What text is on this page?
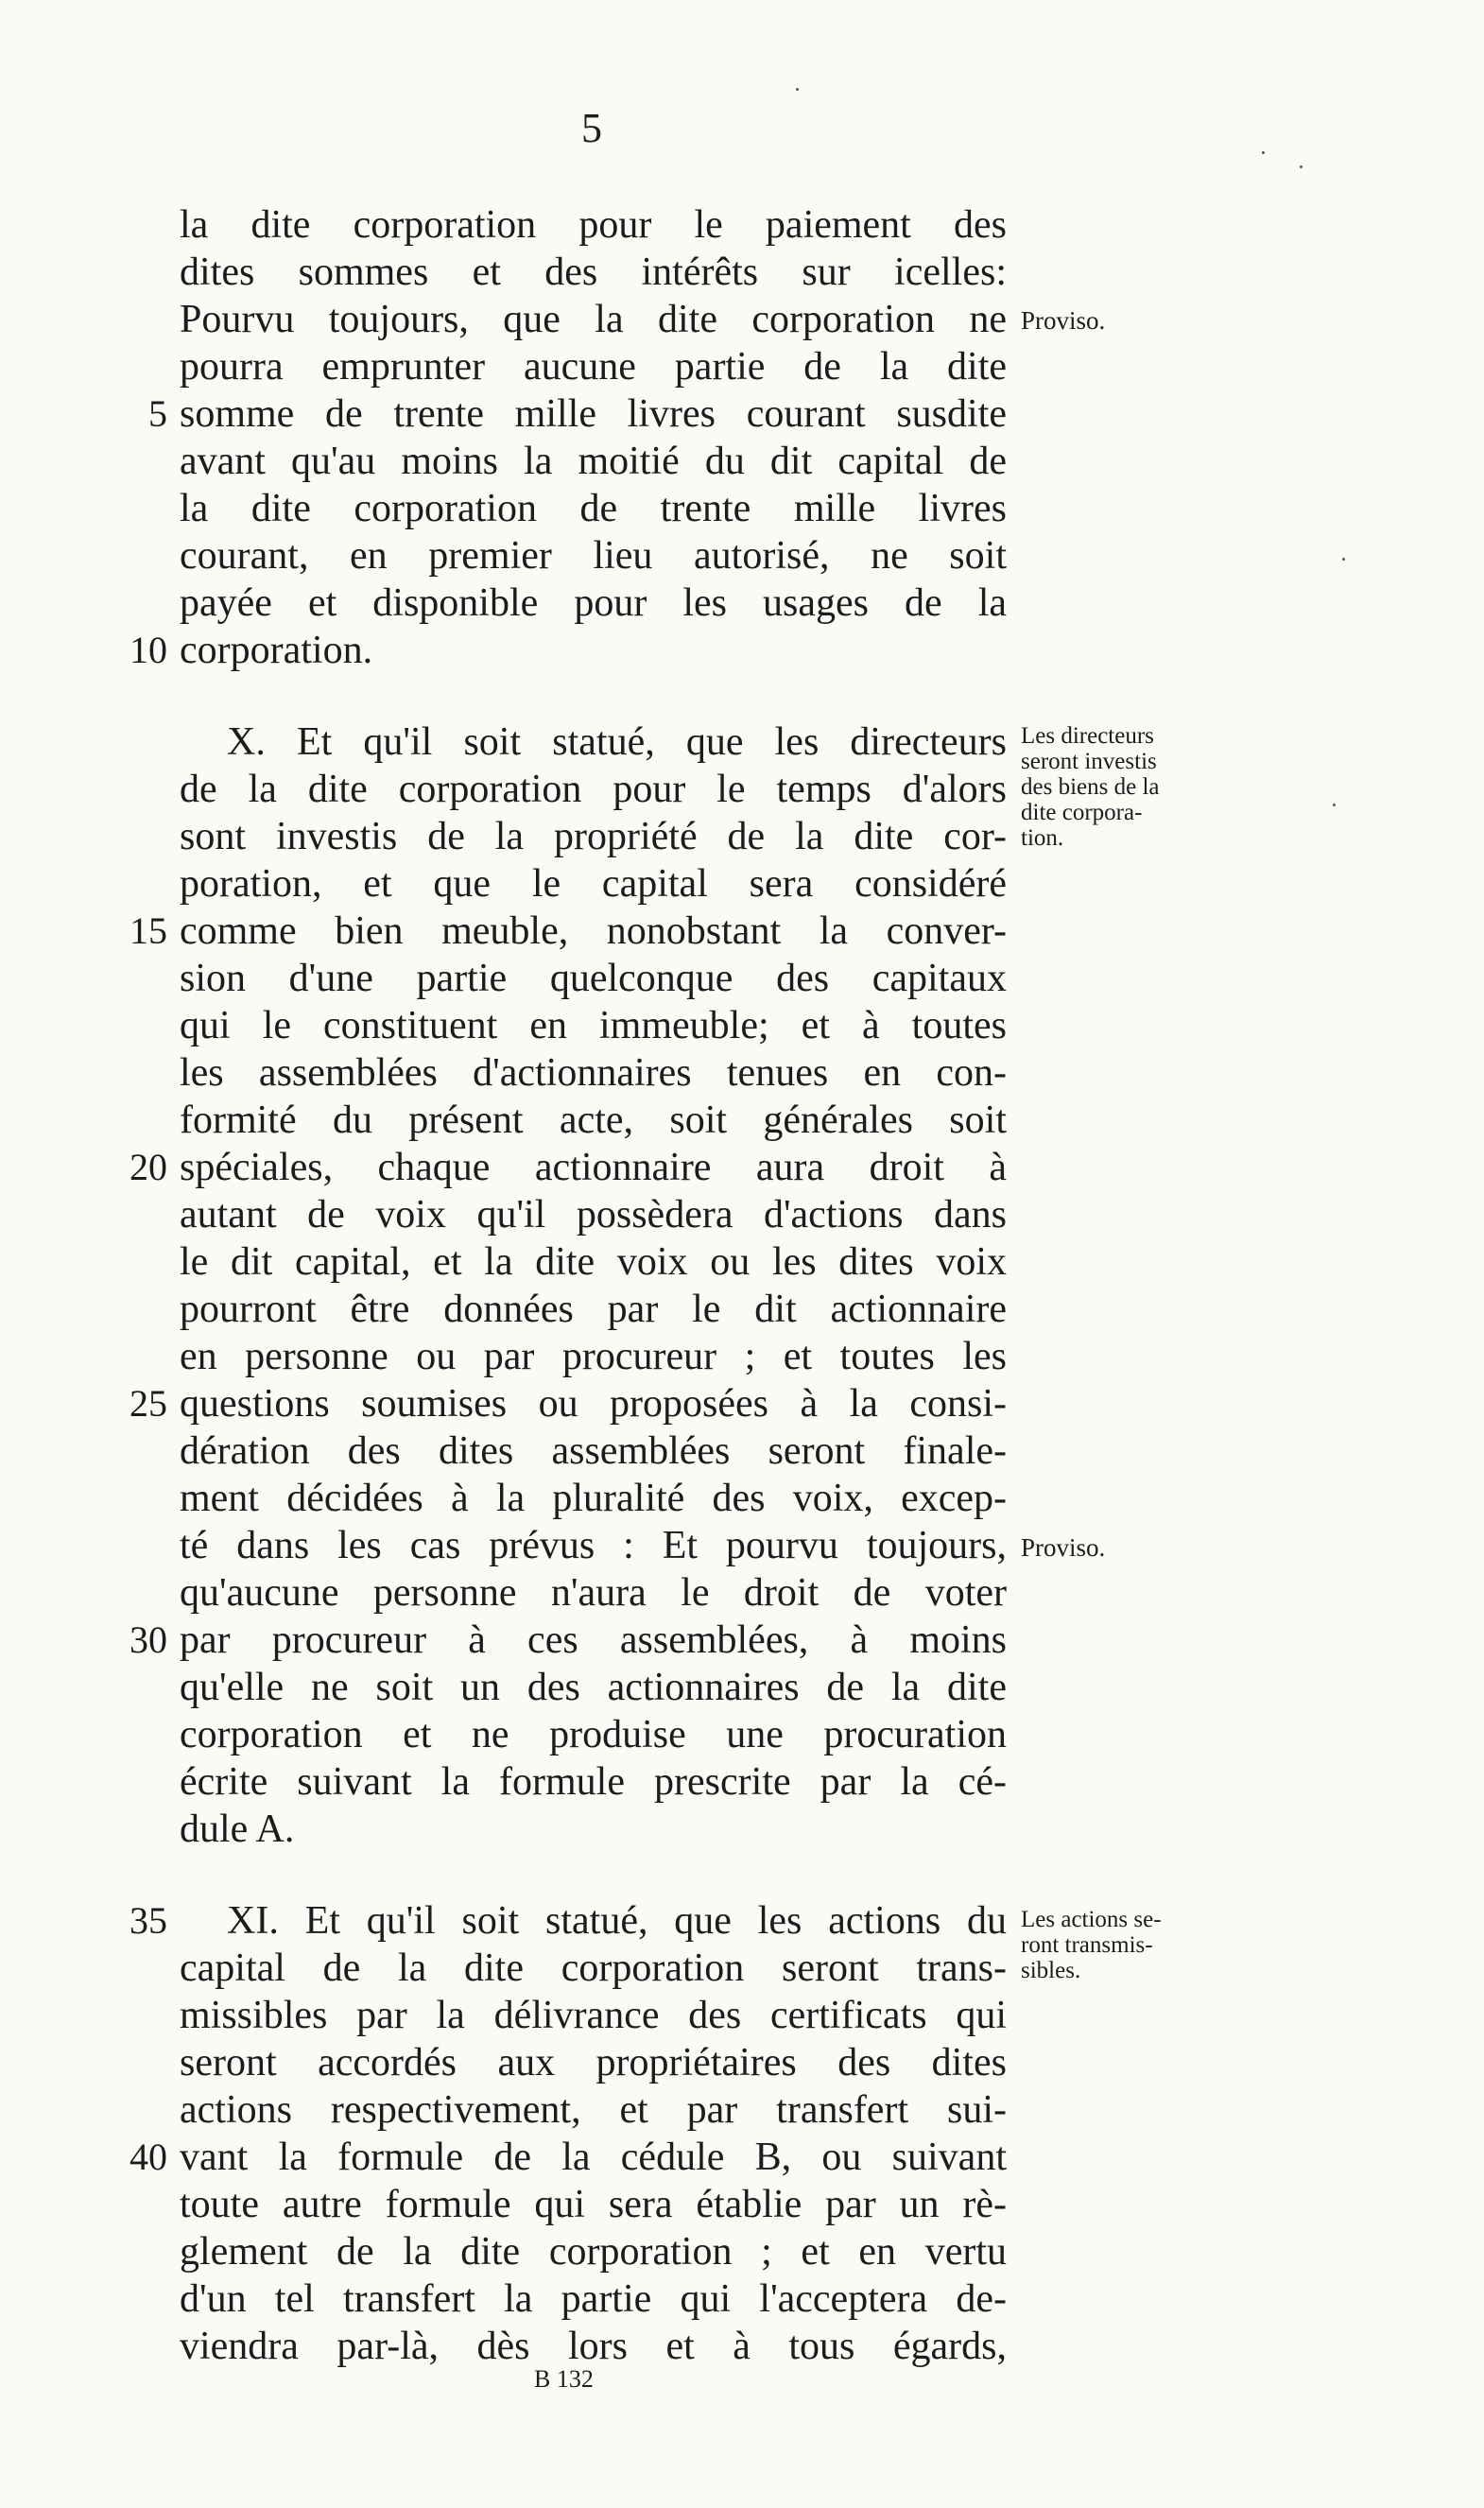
5
la dite corporation pour le paiement des
dites sommes et des intérêts sur icelles:
Pourvu toujours, que la dite corporation ne
pourra emprunter aucune partie de la dite
somme de trente mille livres courant susdite
avant qu'au moins la moitié du dit capital de
la dite corporation de trente mille livres
courant, en premier lieu autorisé, ne soit
payée et disponible pour les usages de la
corporation.
X. Et qu'il soit statué, que les directeurs
de la dite corporation pour le temps d'alors
sont investis de la propriété de la dite cor-
poration, et que le capital sera considéré
comme bien meuble, nonobstant la conver-
sion d'une partie quelconque des capitaux
qui le constituent en immeuble; et à toutes
les assemblées d'actionnaires tenues en con-
formité du présent acte, soit générales soit
spéciales, chaque actionnaire aura droit à
autant de voix qu'il possèdera d'actions dans
le dit capital, et la dite voix ou les dites voix
pourront être données par le dit actionnaire
en personne ou par procureur ; et toutes les
questions soumises ou proposées à la consi-
dération des dites assemblées seront finale-
ment décidées à la pluralité des voix, excep-
té dans les cas prévus : Et pourvu toujours,
qu'aucune personne n'aura le droit de voter
par procureur à ces assemblées, à moins
qu'elle ne soit un des actionnaires de la dite
corporation et ne produise une procuration
écrite suivant la formule prescrite par la cé-
dule A.
XI. Et qu'il soit statué, que les actions du
capital de la dite corporation seront trans-
missibles par la délivrance des certificats qui
seront accordés aux propriétaires des dites
actions respectivement, et par transfert sui-
vant la formule de la cédule B, ou suivant
toute autre formule qui sera établie par un rè-
glement de la dite corporation ; et en vertu
d'un tel transfert la partie qui l'acceptera de-
viendra par-là, dès lors et à tous égards,
5
10
15
20
25
30
35
40
Proviso.
Les directeurs
seront investis
des biens de la
dite corpora-
tion.
Proviso.
Les actions se-
ront transmis-
sibles.
B 132
